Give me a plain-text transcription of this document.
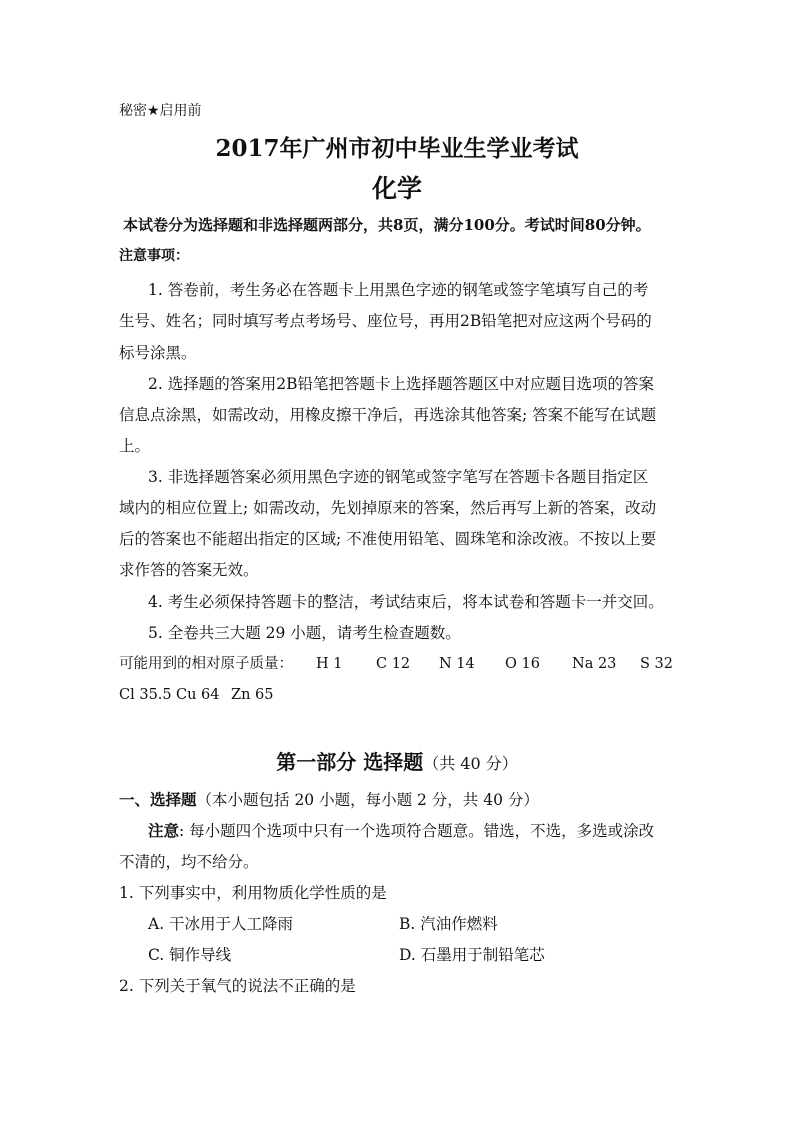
秘密★启用前
2017年广州市初中毕业生学业考试
化学
本试卷分为选择题和非选择题两部分，共8页，满分100分。考试时间80分钟。
注意事项：
1. 答卷前，考生务必在答题卡上用黑色字迹的钢笔或签字笔填写自己的考
生号、姓名；同时填写考点考场号、座位号，再用2B铅笔把对应这两个号码的
标号涂黑。
2. 选择题的答案用2B铅笔把答题卡上选择题答题区中对应题目选项的答案
信息点涂黑，如需改动，用橡皮擦干净后，再选涂其他答案; 答案不能写在试题
上。
3. 非选择题答案必须用黑色字迹的钢笔或签字笔写在答题卡各题目指定区
域内的相应位置上; 如需改动，先划掉原来的答案，然后再写上新的答案，改动
后的答案也不能超出指定的区域; 不准使用铅笔、圆珠笔和涂改液。不按以上要
求作答的答案无效。
4. 考生必须保持答题卡的整洁，考试结束后，将本试卷和答题卡一并交回。
5. 全卷共三大题 29 小题，请考生检查题数。
可能用到的相对原子质量： H 1 C 12 N 14 O 16 Na 23 S 32
Cl 35.5 Cu 64 Zn 65
第一部分 选择题（共 40 分）
一、选择题（本小题包括 20 小题，每小题 2 分，共 40 分）
注意: 每小题四个选项中只有一个选项符合题意。错选，不选，多选或涂改
不清的，均不给分。
1. 下列事实中，利用物质化学性质的是
A. 干冰用于人工降雨	B. 汽油作燃料
C. 铜作导线	D. 石墨用于制铅笔芯
2. 下列关于氧气的说法不正确的是
